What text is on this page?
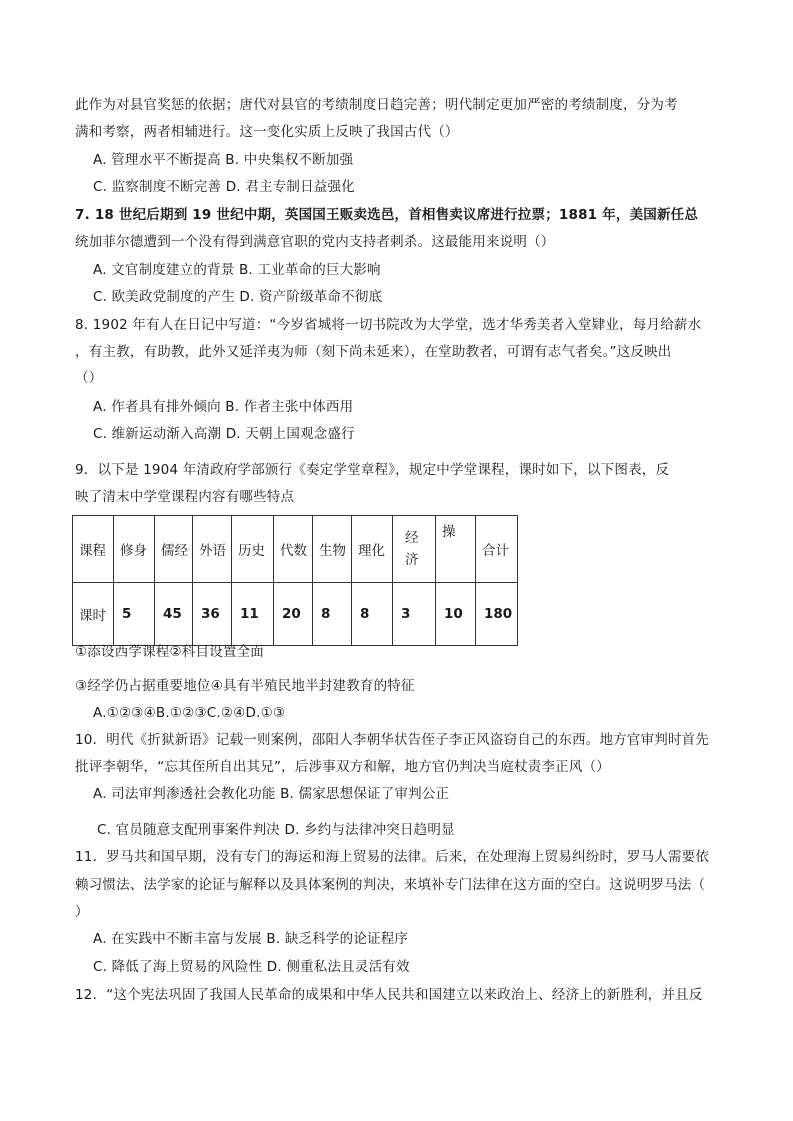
此作为对县官奖惩的依据；唐代对县官的考绩制度日趋完善；明代制定更加严密的考绩制度，分为考
满和考察，两者相辅进行。这一变化实质上反映了我国古代（）
A. 管理水平不断提高 B. 中央集权不断加强
C. 监察制度不断完善 D. 君主专制日益强化
7. 18 世纪后期到 19 世纪中期，英国国王贩卖选邑，首相售卖议席进行拉票；1881 年，美国新任总
统加菲尔德遭到一个没有得到满意官职的党内支持者刺杀。这最能用来说明（）
A. 文官制度建立的背景 B. 工业革命的巨大影响
C. 欧美政党制度的产生 D. 资产阶级革命不彻底
8. 1902 年有人在日记中写道：“今岁省城将一切书院改为大学堂，选才华秀美者入堂肄业，每月给薪水
，有主教，有助教，此外又延洋夷为师（刻下尚未延来），在堂助教者，可谓有志气者矣。”这反映出
（）
A. 作者具有排外倾向 B. 作者主张中体西用
C. 维新运动渐入高潮 D. 天朝上国观念盛行
9．以下是 1904 年清政府学部颁行《奏定学堂章程》，规定中学堂课程，课时如下，以下图表，反
映了清末中学堂课程内容有哪些特点
课程	修身	儒经	外语	历史	代数	生物	理化	经
济	操	合计
课时	5	45	36	11	20	8	8	3	10	180
①添设西学课程②科目设置全面
③经学仍占据重要地位④具有半殖民地半封建教育的特征
A.①②③④B.①②③C.②④D.①③
10．明代《折狱新语》记载一则案例，邵阳人李朝华状告侄子李正风盗窃自己的东西。地方官审判时首先
批评李朝华，“忘其侄所自出其兄”，后涉事双方和解，地方官仍判决当庭杖责李正风（）
A. 司法审判渗透社会教化功能 B. 儒家思想保证了审判公正
C. 官员随意支配刑事案件判决 D. 乡约与法律冲突日趋明显
11．罗马共和国早期，没有专门的海运和海上贸易的法律。后来，在处理海上贸易纠纷时，罗马人需要依
赖习惯法、法学家的论证与解释以及具体案例的判决，来填补专门法律在这方面的空白。这说明罗马法（
）
A. 在实践中不断丰富与发展 B. 缺乏科学的论证程序
C. 降低了海上贸易的风险性 D. 侧重私法且灵活有效
12．“这个宪法巩固了我国人民革命的成果和中华人民共和国建立以来政治上、经济上的新胜利，并且反
